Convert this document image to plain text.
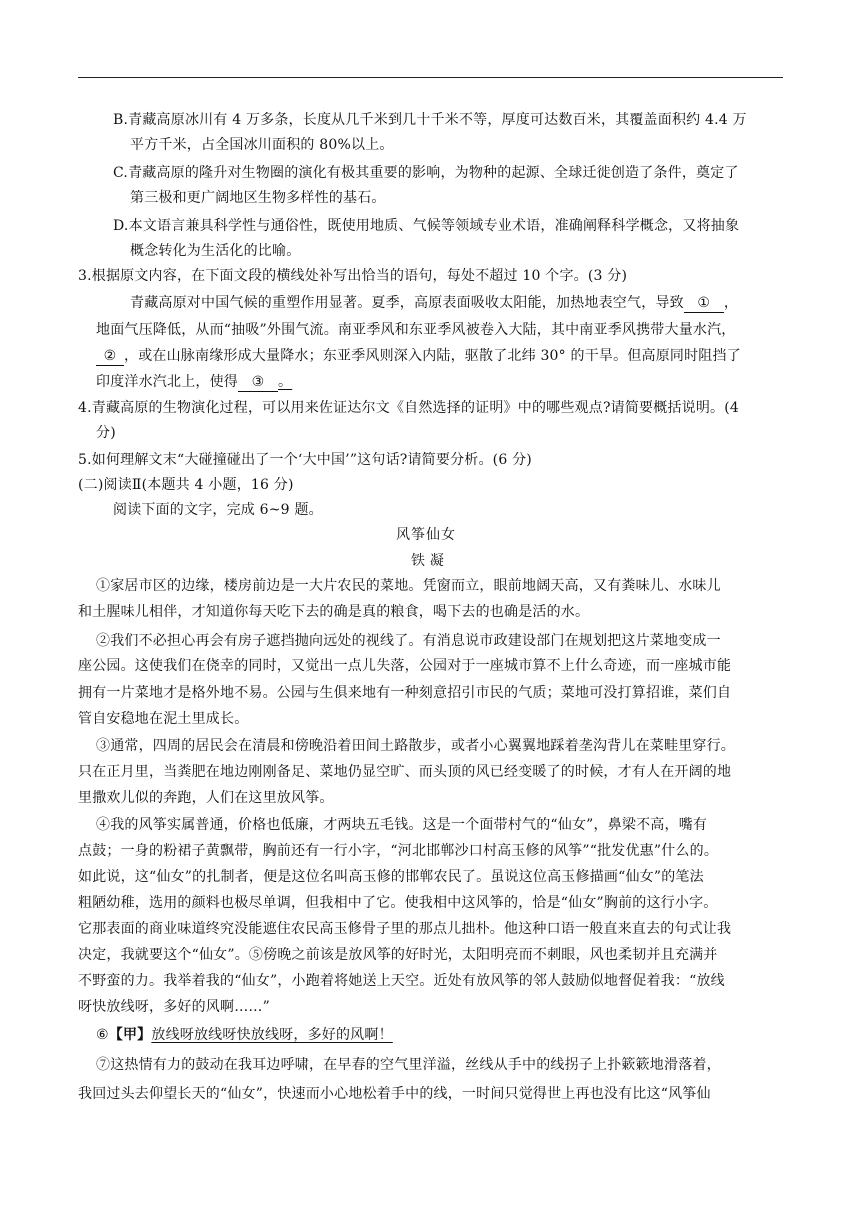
B.青藏高原冰川有 4 万多条，长度从几千米到几十千米不等，厚度可达数百米，其覆盖面积约 4.4 万
平方千米，占全国冰川面积的 80%以上。
C.青藏高原的隆升对生物圈的演化有极其重要的影响，为物种的起源、全球迁徙创造了条件，奠定了
第三极和更广阔地区生物多样性的基石。
D.本文语言兼具科学性与通俗性，既使用地质、气候等领域专业术语，准确阐释科学概念，又将抽象
概念转化为生活化的比喻。
3.根据原文内容，在下面文段的横线处补写出恰当的语句，每处不超过 10 个字。(3 分)
青藏高原对中国气候的重塑作用显著。夏季，高原表面吸收太阳能，加热地表空气，导致 ① ，
地面气压降低，从而“抽吸”外围气流。南亚季风和东亚季风被卷入大陆，其中南亚季风携带大量水汽，
② ，或在山脉南缘形成大量降水；东亚季风则深入内陆，驱散了北纬 30° 的干旱。但高原同时阻挡了
印度洋水汽北上，使得 ③ 。
4.青藏高原的生物演化过程，可以用来佐证达尔文《自然选择的证明》中的哪些观点?请简要概括说明。(4
分)
5.如何理解文末“大碰撞碰出了一个‘大中国’”这句话?请简要分析。(6 分)
(二)阅读Ⅱ(本题共 4 小题，16 分)
阅读下面的文字，完成 6~9 题。
风筝仙女
铁 凝
①家居市区的边缘，楼房前边是一大片农民的菜地。凭窗而立，眼前地阔天高，又有粪味儿、水味儿
和土腥味儿相伴，才知道你每天吃下去的确是真的粮食，喝下去的也确是活的水。
②我们不必担心再会有房子遮挡抛向远处的视线了。有消息说市政建设部门在规划把这片菜地变成一
座公园。这使我们在侥幸的同时，又觉出一点儿失落，公园对于一座城市算不上什么奇迹，而一座城市能
拥有一片菜地才是格外地不易。公园与生俱来地有一种刻意招引市民的气质；菜地可没打算招谁，菜们自
管自安稳地在泥土里成长。
③通常，四周的居民会在清晨和傍晚沿着田间土路散步，或者小心翼翼地踩着垄沟背儿在菜畦里穿行。
只在正月里，当粪肥在地边刚刚备足、菜地仍显空旷、而头顶的风已经变暖了的时候，才有人在开阔的地
里撒欢儿似的奔跑，人们在这里放风筝。
④我的风筝实属普通，价格也低廉，才两块五毛钱。这是一个面带村气的“仙女”，鼻梁不高，嘴有
点鼓；一身的粉裙子黄飘带，胸前还有一行小字，“河北邯郸沙口村高玉修的风筝”“批发优惠”什么的。
如此说，这“仙女”的扎制者，便是这位名叫高玉修的邯郸农民了。虽说这位高玉修描画“仙女”的笔法
粗陋幼稚，选用的颜料也极尽单调，但我相中了它。使我相中这风筝的，恰是“仙女”胸前的这行小字。
它那表面的商业味道终究没能遮住农民高玉修骨子里的那点儿拙朴。他这种口语一般直来直去的句式让我
决定，我就要这个“仙女”。⑤傍晚之前该是放风筝的好时光，太阳明亮而不刺眼，风也柔韧并且充满并
不野蛮的力。我举着我的“仙女”，小跑着将她送上天空。近处有放风筝的邻人鼓励似地督促着我：“放线
呀快放线呀，多好的风啊……”
⑥【甲】放线呀放线呀快放线呀，多好的风啊！
⑦这热情有力的鼓动在我耳边呼啸，在早春的空气里洋溢，丝线从手中的线拐子上扑簌簌地滑落着，
我回过头去仰望长天的“仙女”，快速而小心地松着手中的线，一时间只觉得世上再也没有比这“风筝仙
